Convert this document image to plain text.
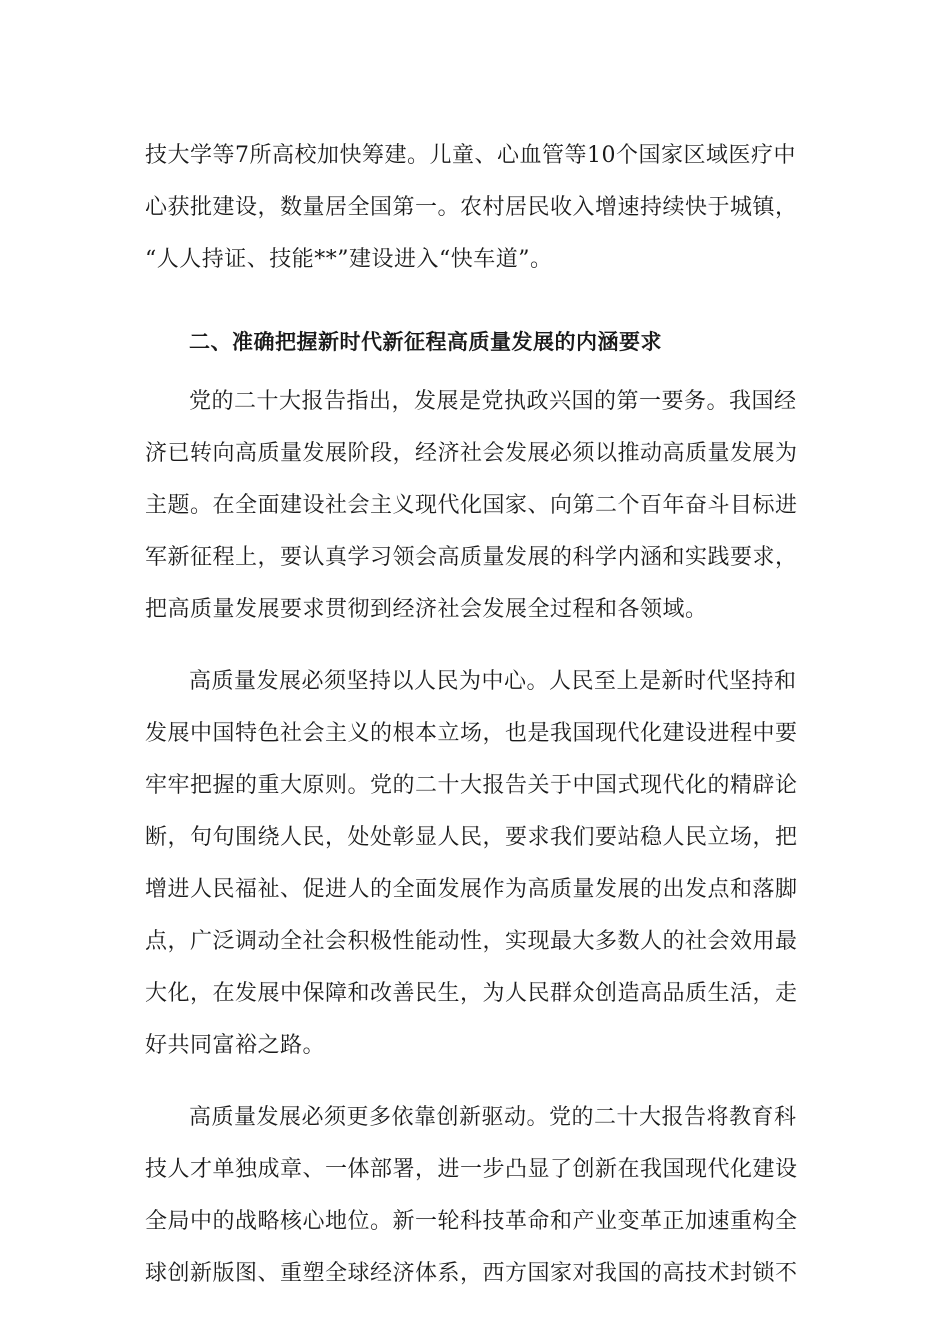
技大学等7所高校加快筹建。儿童、心血管等10个国家区域医疗中
心获批建设，数量居全国第一。农村居民收入增速持续快于城镇，
“人人持证、技能**”建设进入“快车道”。
二、准确把握新时代新征程高质量发展的内涵要求
党的二十大报告指出，发展是党执政兴国的第一要务。我国经
济已转向高质量发展阶段，经济社会发展必须以推动高质量发展为
主题。在全面建设社会主义现代化国家、向第二个百年奋斗目标进
军新征程上，要认真学习领会高质量发展的科学内涵和实践要求，
把高质量发展要求贯彻到经济社会发展全过程和各领域。
高质量发展必须坚持以人民为中心。人民至上是新时代坚持和
发展中国特色社会主义的根本立场，也是我国现代化建设进程中要
牢牢把握的重大原则。党的二十大报告关于中国式现代化的精辟论
断，句句围绕人民，处处彰显人民，要求我们要站稳人民立场，把
增进人民福祉、促进人的全面发展作为高质量发展的出发点和落脚
点，广泛调动全社会积极性能动性，实现最大多数人的社会效用最
大化，在发展中保障和改善民生，为人民群众创造高品质生活，走
好共同富裕之路。
高质量发展必须更多依靠创新驱动。党的二十大报告将教育科
技人才单独成章、一体部署，进一步凸显了创新在我国现代化建设
全局中的战略核心地位。新一轮科技革命和产业变革正加速重构全
球创新版图、重塑全球经济体系，西方国家对我国的高技术封锁不
